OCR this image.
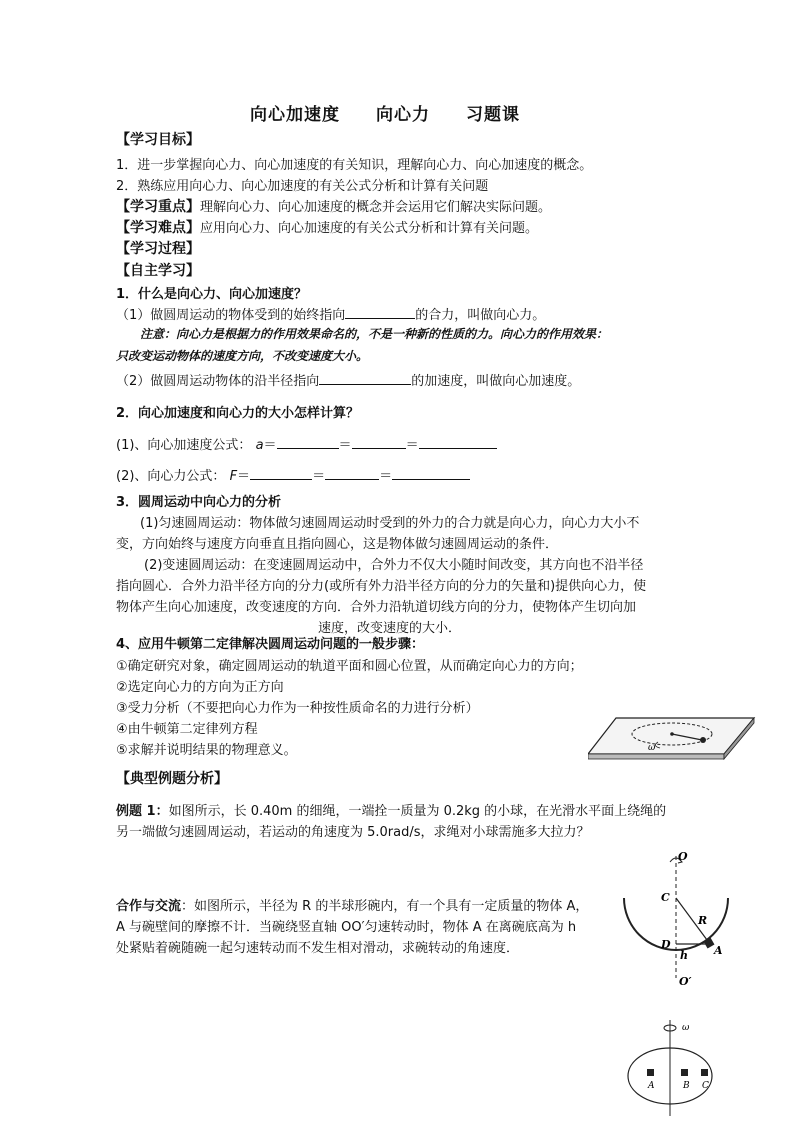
向心加速度　　向心力　　习题课
【学习目标】
1．进一步掌握向心力、向心加速度的有关知识，理解向心力、向心加速度的概念。
2．熟练应用向心力、向心加速度的有关公式分析和计算有关问题
【学习重点】理解向心力、向心加速度的概念并会运用它们解决实际问题。
【学习难点】应用向心力、向心加速度的有关公式分析和计算有关问题。
【学习过程】
【自主学习】
1．什么是向心力、向心加速度？
（1）做圆周运动的物体受到的始终指向	的合力，叫做向心力。
注意：向心力是根据力的作用效果命名的，不是一种新的性质的力。向心力的作用效果：
只改变运动物体的速度方向，不改变速度大小。
（2）做圆周运动物体的沿半径指向	的加速度，叫做向心加速度。
2．向心加速度和向心力的大小怎样计算？
(1)、向心加速度公式： a＝	＝	＝
(2)、向心力公式： F＝	＝	＝
3．圆周运动中向心力的分析
(1)匀速圆周运动：物体做匀速圆周运动时受到的外力的合力就是向心力，向心力大小不
变，方向始终与速度方向垂直且指向圆心，这是物体做匀速圆周运动的条件．
(2)变速圆周运动：在变速圆周运动中，合外力不仅大小随时间改变，其方向也不沿半径
指向圆心．合外力沿半径方向的分力(或所有外力沿半径方向的分力的矢量和)提供向心力，使
物体产生向心加速度，改变速度的方向．合外力沿轨道切线方向的分力，使物体产生切向加
速度，改变速度的大小．
4、应用牛顿第二定律解决圆周运动问题的一般步骤：
①确定研究对象，确定圆周运动的轨道平面和圆心位置，从而确定向心力的方向；
②选定向心力的方向为正方向
③受力分析（不要把向心力作为一种按性质命名的力进行分析）
④由牛顿第二定律列方程
⑤求解并说明结果的物理意义。	ω
【典型例题分析】
例题 1：如图所示，长 0.40m 的细绳，一端拴一质量为 0.2kg 的小球，在光滑水平面上绕绳的
另一端做匀速圆周运动，若运动的角速度为 5.0rad/s，求绳对小球需施多大拉力？
O
C
R
D	A
h
O′
合作与交流：如图所示，半径为 R 的半球形碗内，有一个具有一定质量的物体 A，
A 与碗壁间的摩擦不计．当碗绕竖直轴 OO′匀速转动时，物体 A 在离碗底高为 h
处紧贴着碗随碗一起匀速转动而不发生相对滑动，求碗转动的角速度．
ω
A	B C
